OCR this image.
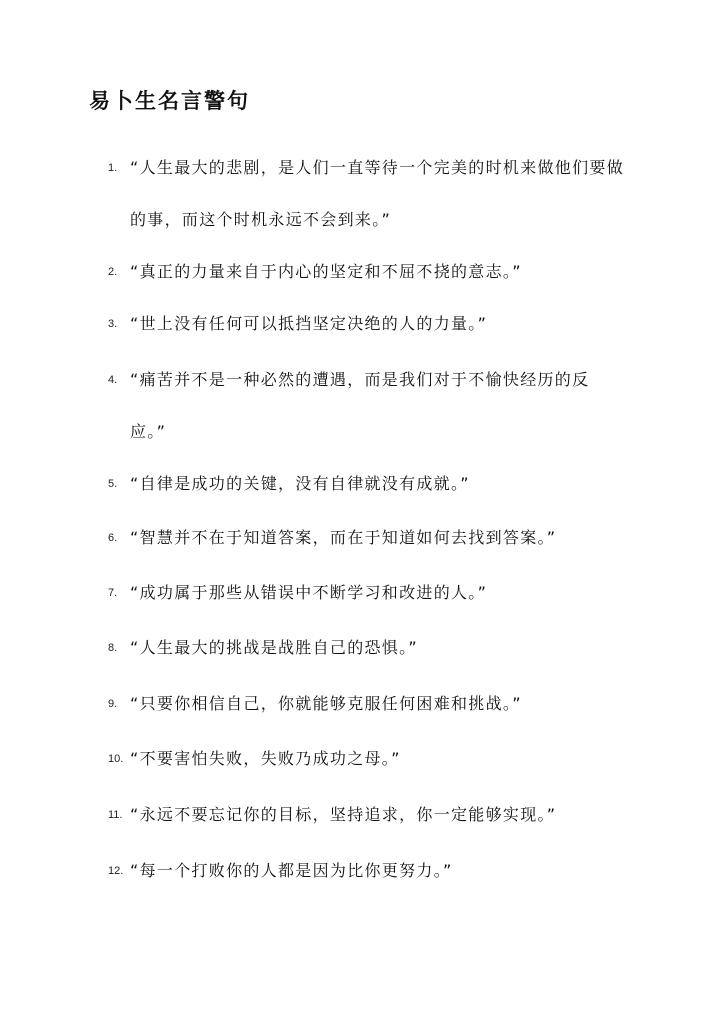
易卜生名言警句
1. “人生最大的悲剧，是人们一直等待一个完美的时机来做他们要做的事，而这个时机永远不会到来。”
2. “真正的力量来自于内心的坚定和不屈不挠的意志。”
3. “世上没有任何可以抵挡坚定决绝的人的力量。”
4. “痛苦并不是一种必然的遭遇，而是我们对于不愉快经历的反应。”
5. “自律是成功的关键，没有自律就没有成就。”
6. “智慧并不在于知道答案，而在于知道如何去找到答案。”
7. “成功属于那些从错误中不断学习和改进的人。”
8. “人生最大的挑战是战胜自己的恐惧。”
9. “只要你相信自己，你就能够克服任何困难和挑战。”
10. “不要害怕失败，失败乃成功之母。”
11. “永远不要忘记你的目标，坚持追求，你一定能够实现。”
12. “每一个打败你的人都是因为比你更努力。”
